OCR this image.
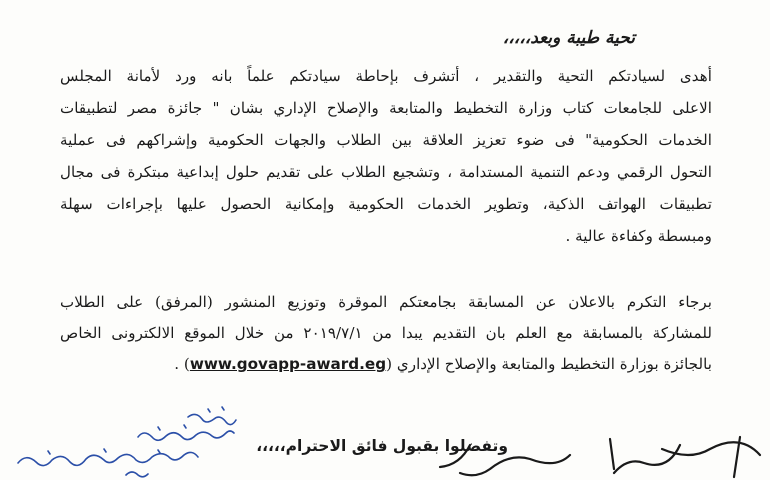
تحية طيبة وبعد،،،،،
أهدى لسيادتكم التحية والتقدير ، أتشرف بإحاطة سيادتكم علماً بانه ورد لأمانة المجلس
الاعلى للجامعات كتاب وزارة التخطيط والمتابعة والإصلاح الإداري بشان " جائزة مصر لتطبيقات
الخدمات الحكومية" فى ضوء تعزيز العلاقة بين الطلاب والجهات الحكومية وإشراكهم فى عملية
التحول الرقمي ودعم التنمية المستدامة ، وتشجيع الطلاب على تقديم حلول إبداعية مبتكرة فى مجال
تطبيقات الهواتف الذكية، وتطوير الخدمات الحكومية وإمكانية الحصول عليها بإجراءات سهلة
ومبسطة وكفاءة عالية .
برجاء التكرم بالاعلان عن المسابقة بجامعتكم الموقرة وتوزيع المنشور (المرفق) على الطلاب
للمشاركة بالمسابقة مع العلم بان التقديم يبدا من ٢٠١٩/٧/١ من خلال الموقع الالكترونى الخاص
بالجائزة بوزارة التخطيط والمتابعة والإصلاح الإداري (www.govapp-award.eg) .
وتفضلوا بقبول فائق الاحترام،،،،،
